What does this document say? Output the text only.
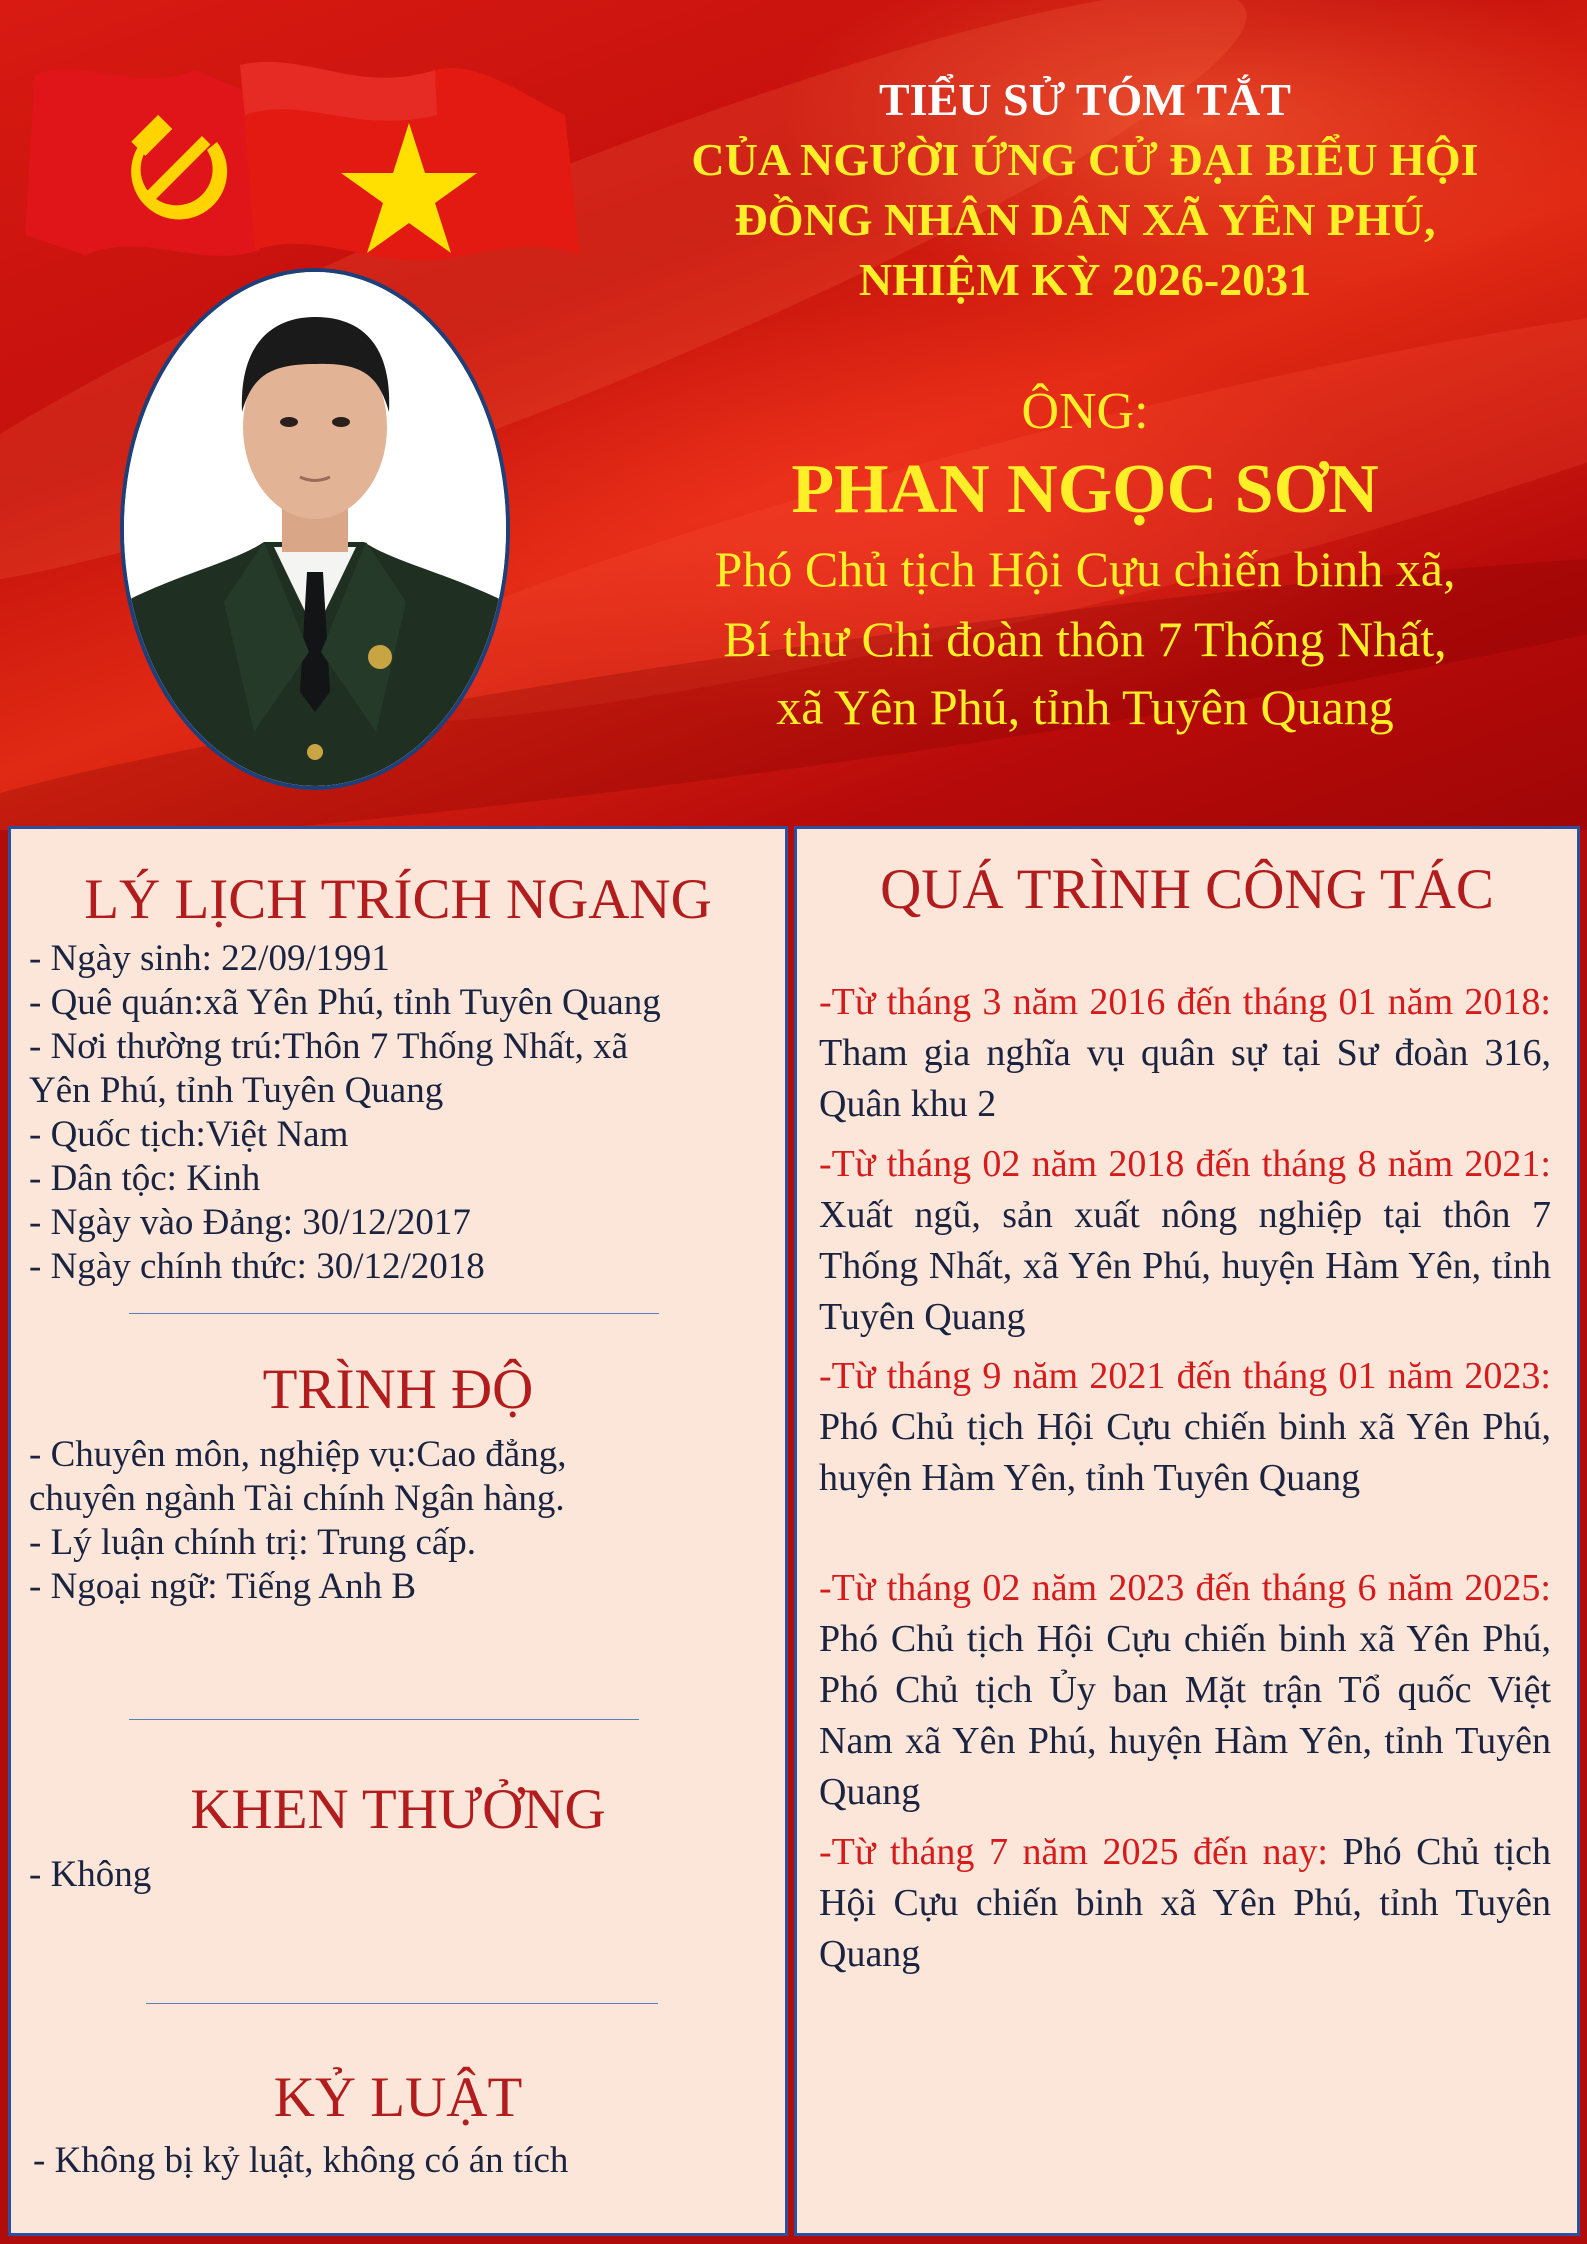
TIỂU SỬ TÓM TẮT
CỦA NGƯỜI ỨNG CỬ ĐẠI BIỂU HỘI
ĐỒNG NHÂN DÂN XÃ YÊN PHÚ,
NHIỆM KỲ 2026-2031
ÔNG:
PHAN NGỌC SƠN
Phó Chủ tịch Hội Cựu chiến binh xã,
Bí thư Chi đoàn thôn 7 Thống Nhất,
xã Yên Phú, tỉnh Tuyên Quang
LÝ LỊCH TRÍCH NGANG
- Ngày sinh: 22/09/1991
- Quê quán:xã Yên Phú, tỉnh Tuyên Quang
- Nơi thường trú:Thôn 7 Thống Nhất, xã
Yên Phú, tỉnh Tuyên Quang
- Quốc tịch:Việt Nam
- Dân tộc: Kinh
- Ngày vào Đảng: 30/12/2017
- Ngày chính thức: 30/12/2018
TRÌNH ĐỘ
- Chuyên môn, nghiệp vụ:Cao đẳng,
chuyên ngành Tài chính Ngân hàng.
- Lý luận chính trị: Trung cấp.
- Ngoại ngữ: Tiếng Anh B
KHEN THƯỞNG
- Không
KỶ LUẬT
- Không bị kỷ luật, không có án tích
QUÁ TRÌNH CÔNG TÁC
-Từ tháng 3 năm 2016 đến tháng 01 năm 2018: Tham gia nghĩa vụ quân sự tại Sư đoàn 316, Quân khu 2
-Từ tháng 02 năm 2018 đến tháng 8 năm 2021: Xuất ngũ, sản xuất nông nghiệp tại thôn 7 Thống Nhất, xã Yên Phú, huyện Hàm Yên, tỉnh Tuyên Quang
-Từ tháng 9 năm 2021 đến tháng 01 năm 2023: Phó Chủ tịch Hội Cựu chiến binh xã Yên Phú, huyện Hàm Yên, tỉnh Tuyên Quang
-Từ tháng 02 năm 2023 đến tháng 6 năm 2025: Phó Chủ tịch Hội Cựu chiến binh xã Yên Phú, Phó Chủ tịch Ủy ban Mặt trận Tổ quốc Việt Nam xã Yên Phú, huyện Hàm Yên, tỉnh Tuyên Quang
-Từ tháng 7 năm 2025 đến nay: Phó Chủ tịch Hội Cựu chiến binh xã Yên Phú, tỉnh Tuyên Quang
